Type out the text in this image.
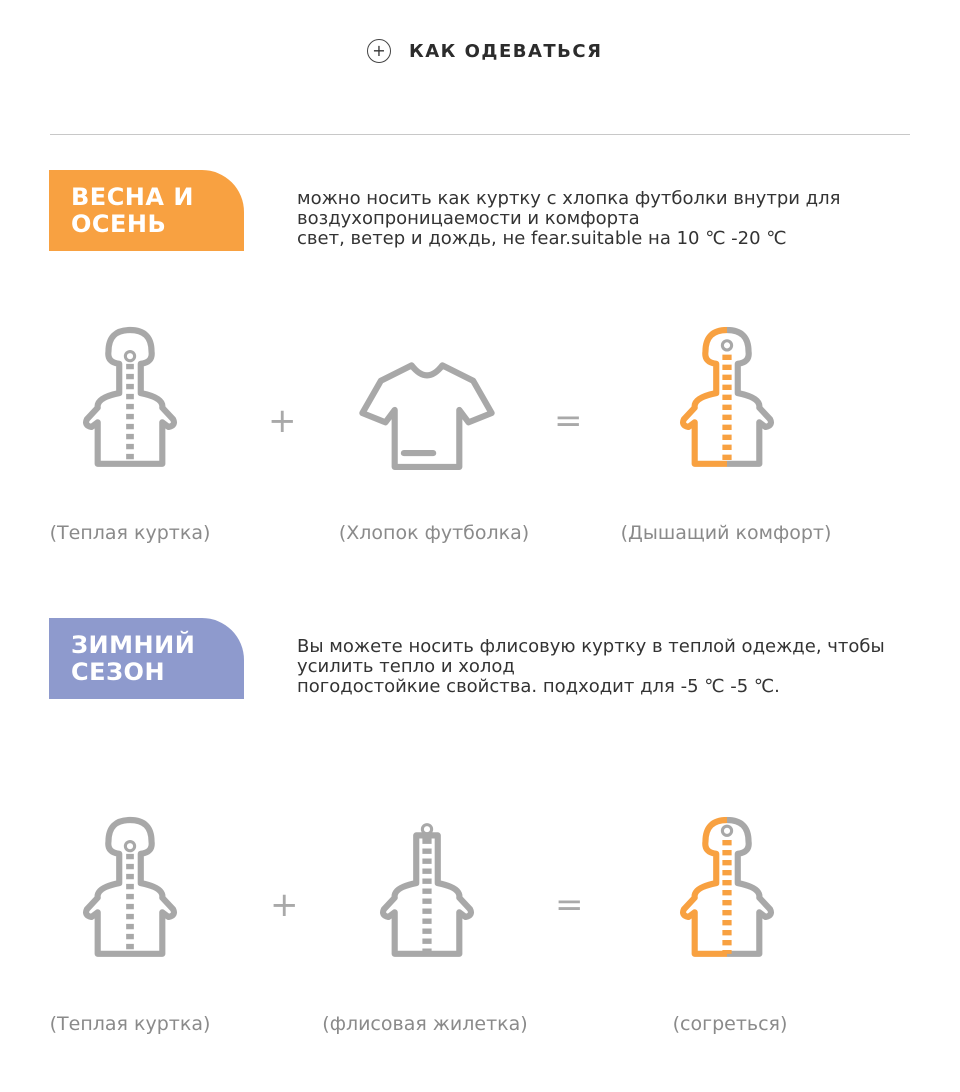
+ КАК ОДЕВАТЬСЯ
ВЕСНА И
ОСЕНЬ
можно носить как куртку с хлопка футболки внутри для
воздухопроницаемости и комфорта
свет, ветер и дождь, не fear.suitable на 10 ℃ -20 ℃
+	=
(Теплая куртка)	(Хлопок футболка)	(Дышащий комфорт)
ЗИМНИЙ
СЕЗОН
Вы можете носить флисовую куртку в теплой одежде, чтобы
усилить тепло и холод
погодостойкие свойства. подходит для -5 ℃ -5 ℃.
+	=
(Теплая куртка)	(флисовая жилетка)	(согреться)
